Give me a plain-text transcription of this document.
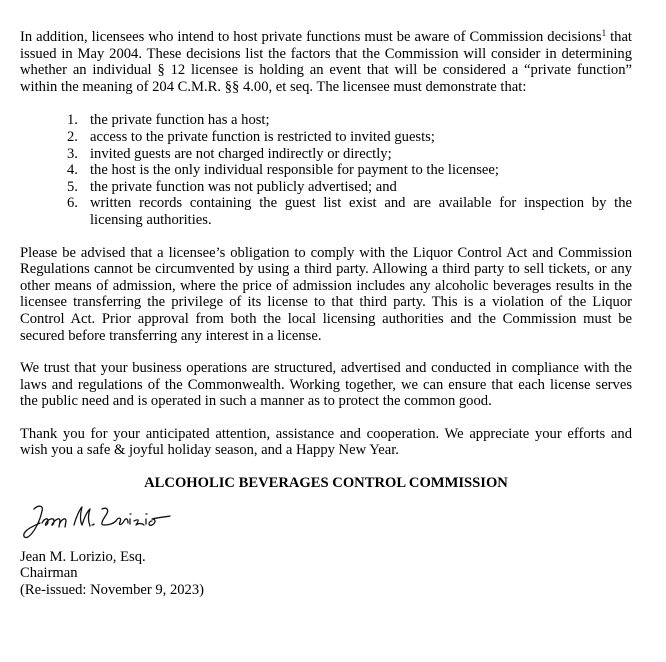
In addition, licensees who intend to host private functions must be aware of Commission decisions$^1$ that issued in May 2004. These decisions list the factors that the Commission will consider in determining whether an individual § 12 licensee is holding an event that will be considered a “private function” within the meaning of 204 C.M.R. §§ 4.00, et seq. The licensee must demonstrate that:

1. the private function has a host;
2. access to the private function is restricted to invited guests;
3. invited guests are not charged indirectly or directly;
4. the host is the only individual responsible for payment to the licensee;
5. the private function was not publicly advertised; and
6. written records containing the guest list exist and are available for inspection by the licensing authorities.

Please be advised that a licensee’s obligation to comply with the Liquor Control Act and Commission Regulations cannot be circumvented by using a third party. Allowing a third party to sell tickets, or any other means of admission, where the price of admission includes any alcoholic beverages results in the licensee transferring the privilege of its license to that third party. This is a violation of the Liquor Control Act. Prior approval from both the local licensing authorities and the Commission must be secured before transferring any interest in a license.

We trust that your business operations are structured, advertised and conducted in compliance with the laws and regulations of the Commonwealth. Working together, we can ensure that each license serves the public need and is operated in such a manner as to protect the common good.

Thank you for your anticipated attention, assistance and cooperation. We appreciate your efforts and wish you a safe & joyful holiday season, and a Happy New Year.

ALCOHOLIC BEVERAGES CONTROL COMMISSION

Jean M. Lorizio, Esq.

Chairman

(Re-issued: November 9, 2023)
